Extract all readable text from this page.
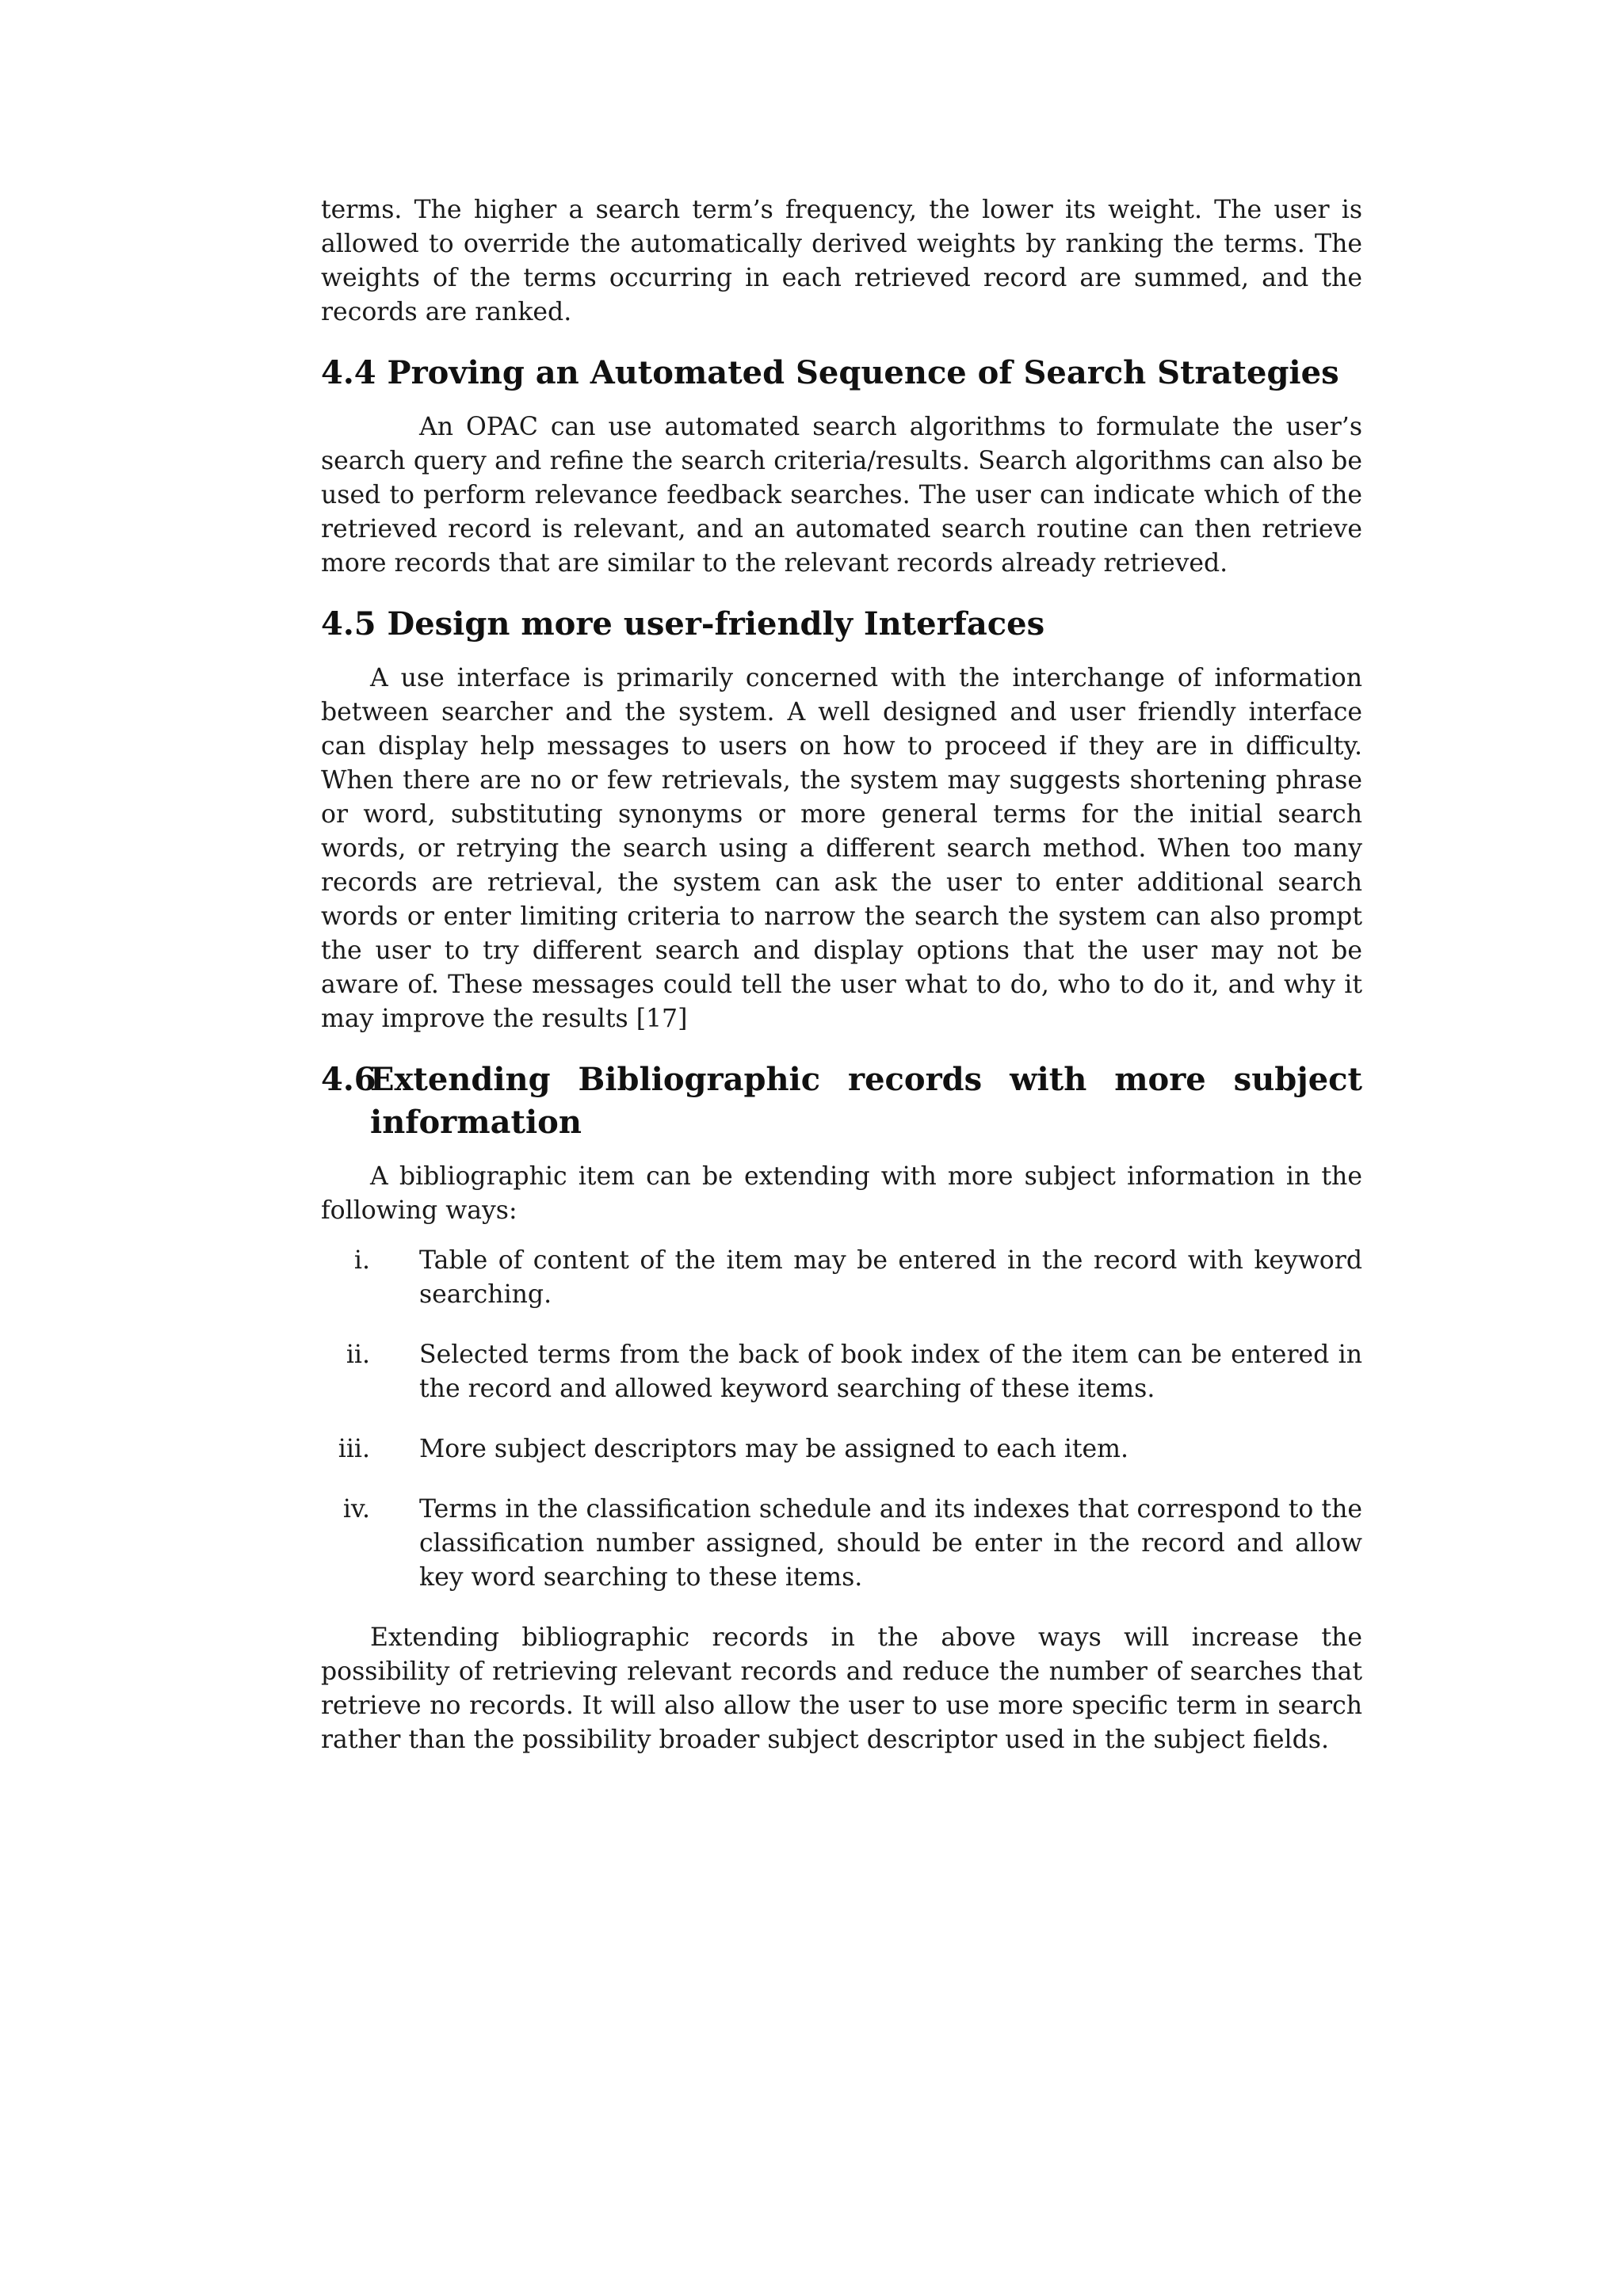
terms. The higher a search term’s frequency, the lower its weight. The user is allowed to override the automatically derived weights by ranking the terms. The weights of the terms occurring in each retrieved record are summed, and the records are ranked.

4.4 Proving an Automated Sequence of Search Strategies

An OPAC can use automated search algorithms to formulate the user’s search query and refine the search criteria/results. Search algorithms can also be used to perform relevance feedback searches. The user can indicate which of the retrieved record is relevant, and an automated search routine can then retrieve more records that are similar to the relevant records already retrieved.

4.5 Design more user-friendly Interfaces

A use interface is primarily concerned with the interchange of information between searcher and the system. A well designed and user friendly interface can display help messages to users on how to proceed if they are in difficulty. When there are no or few retrievals, the system may suggests shortening phrase or word, substituting synonyms or more general terms for the initial search words, or retrying the search using a different search method. When too many records are retrieval, the system can ask the user to enter additional search words or enter limiting criteria to narrow the search the system can also prompt the user to try different search and display options that the user may not be aware of. These messages could tell the user what to do, who to do it, and why it may improve the results [17]

4.6
Extending Bibliographic records with more subject
information

A bibliographic item can be extending with more subject information in the following ways:

i.	Table of content of the item may be entered in the record with keyword searching.
ii.	Selected terms from the back of book index of the item can be entered in the record and allowed keyword searching of these items.
iii.	More subject descriptors may be assigned to each item.
iv.	Terms in the classification schedule and its indexes that correspond to the classification number assigned, should be enter in the record and allow key word searching to these items.

Extending bibliographic records in the above ways will increase the possibility of retrieving relevant records and reduce the number of searches that retrieve no records. It will also allow the user to use more specific term in search rather than the possibility broader subject descriptor used in the subject fields.
